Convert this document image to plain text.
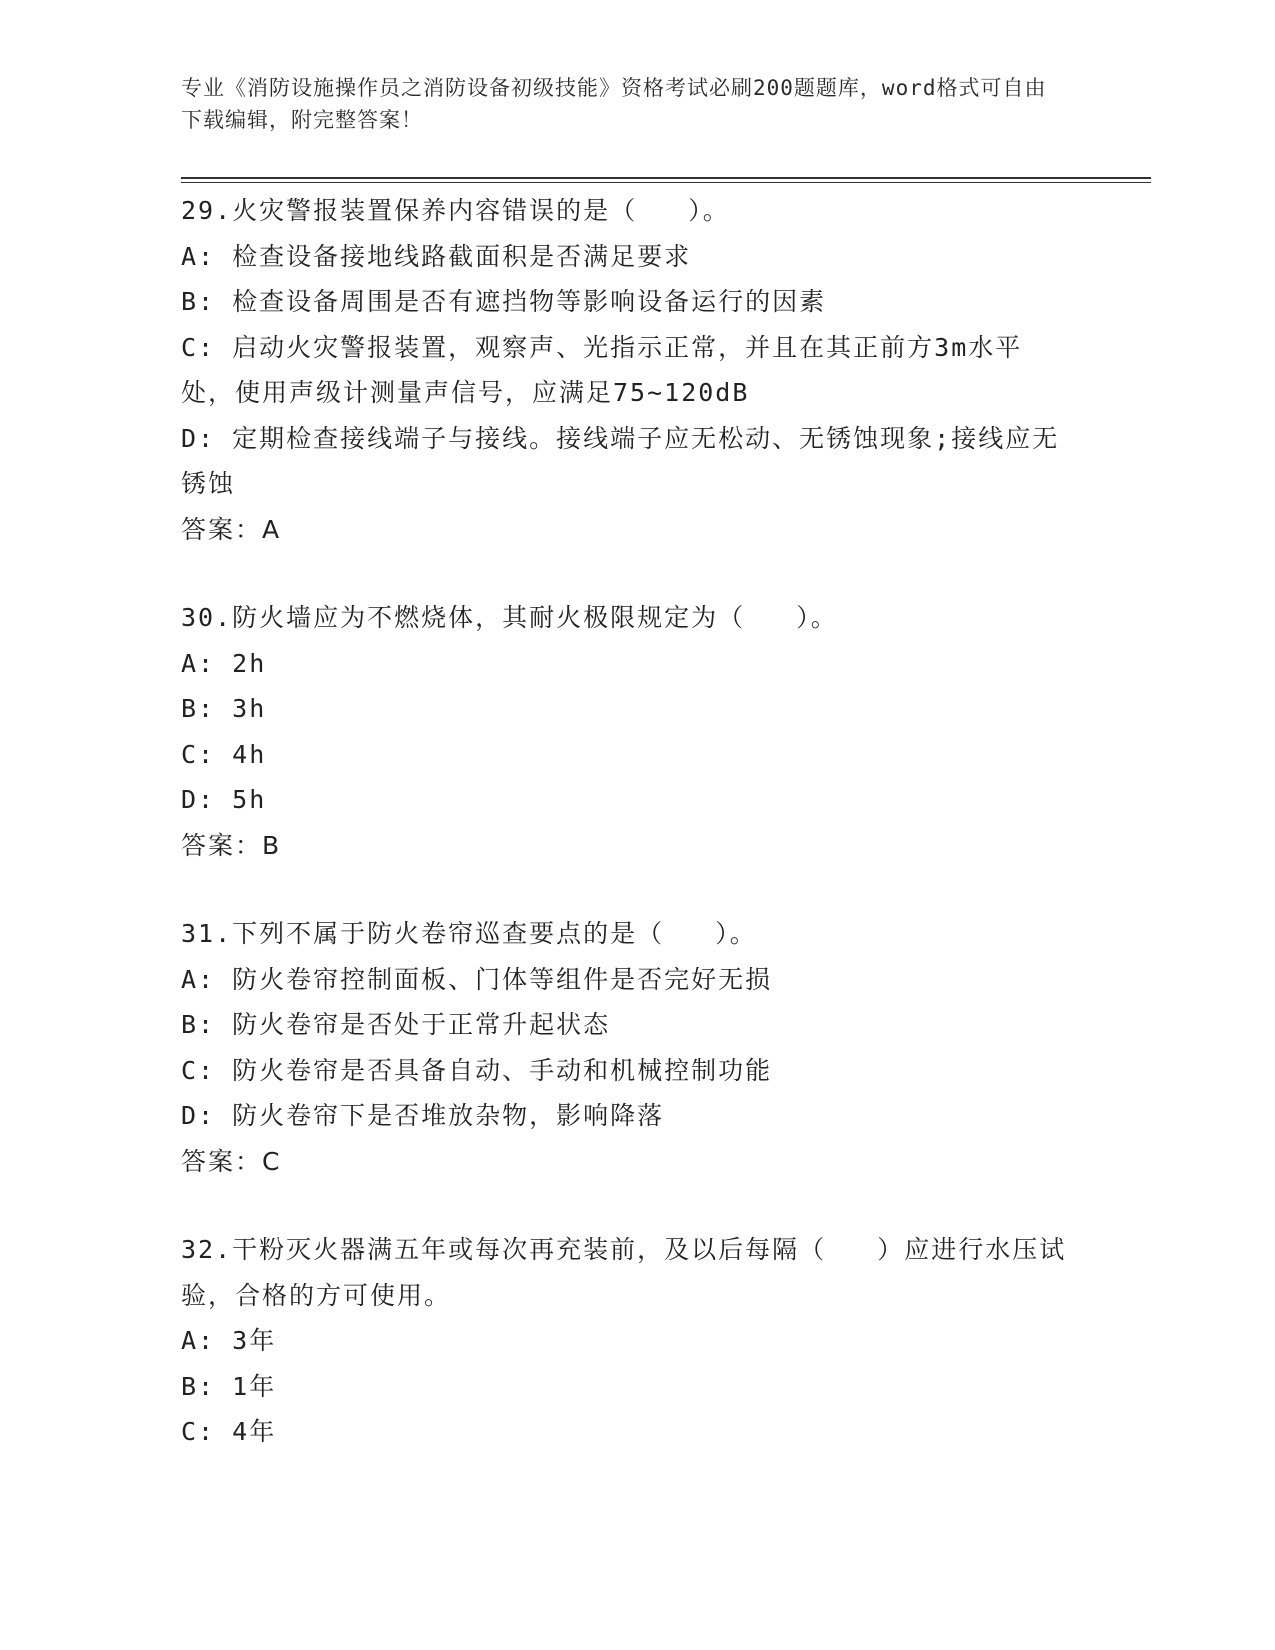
专业《消防设施操作员之消防设备初级技能》资格考试必刷200题题库，word格式可自由下载编辑，附完整答案！
29.火灾警报装置保养内容错误的是（   ）。
A: 检查设备接地线路截面积是否满足要求
B: 检查设备周围是否有遮挡物等影响设备运行的因素
C: 启动火灾警报装置，观察声、光指示正常，并且在其正前方3m水平处，使用声级计测量声信号，应满足75~120dB
D: 定期检查接线端子与接线。接线端子应无松动、无锈蚀现象;接线应无锈蚀
答案：A
30.防火墙应为不燃烧体，其耐火极限规定为（   ）。
A: 2h
B: 3h
C: 4h
D: 5h
答案：B
31.下列不属于防火卷帘巡查要点的是（   ）。
A: 防火卷帘控制面板、门体等组件是否完好无损
B: 防火卷帘是否处于正常升起状态
C: 防火卷帘是否具备自动、手动和机械控制功能
D: 防火卷帘下是否堆放杂物，影响降落
答案：C
32.干粉灭火器满五年或每次再充装前，及以后每隔（   ）应进行水压试验，合格的方可使用。
A: 3年
B: 1年
C: 4年
